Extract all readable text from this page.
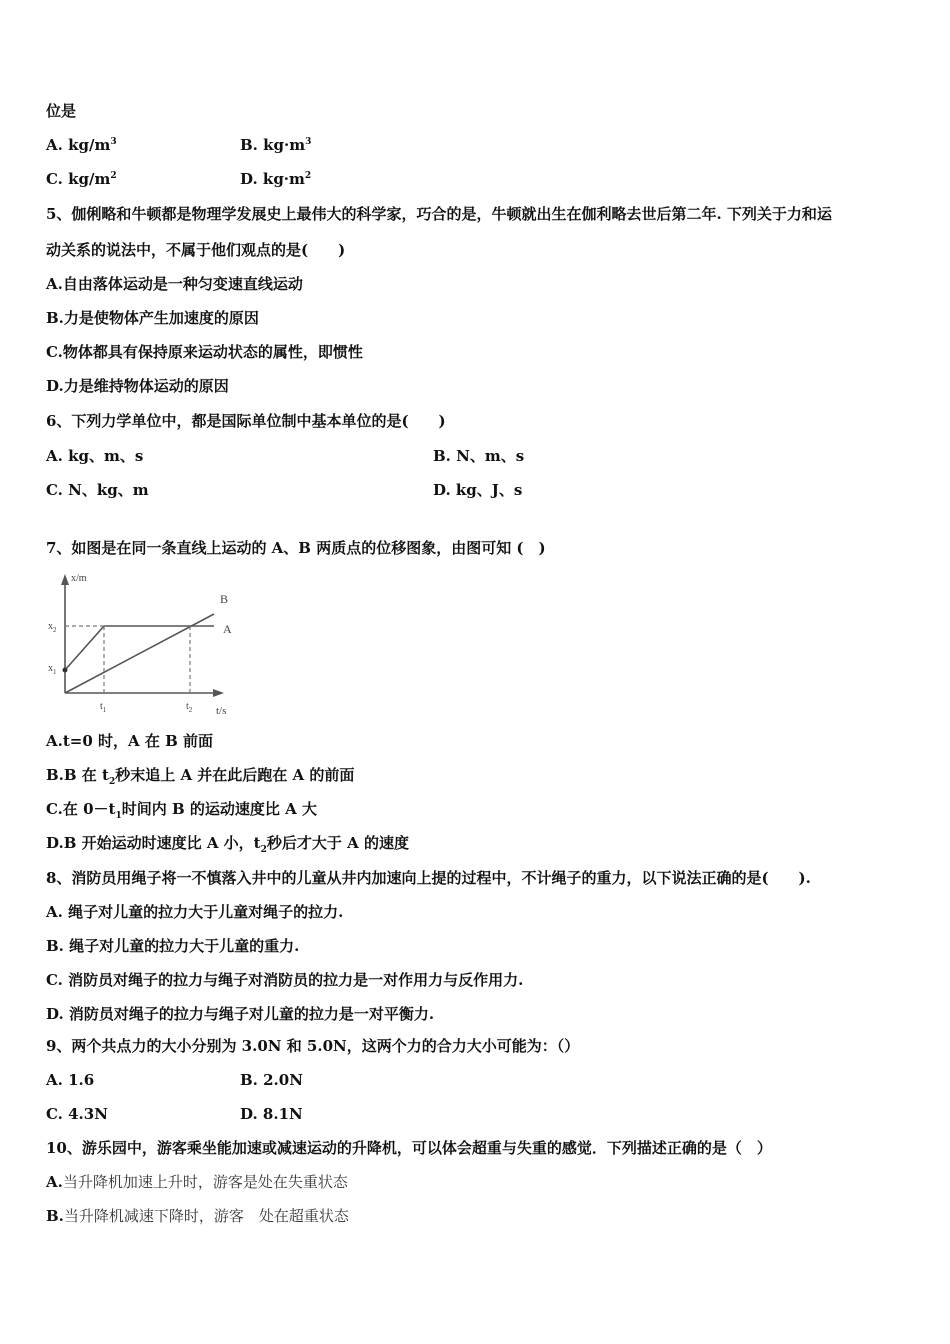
位是
A. $kg/m^3$	B. $kg\cdot m^3$
C. $kg/m^2$	D. $kg\cdot m^2$
5、伽俐略和牛顿都是物理学发展史上最伟大的科学家，巧合的是，牛顿就出生在伽利略去世后第二年. 下列关于力和运
动关系的说法中，不属于他们观点的是(　　)
A.自由落体运动是一种匀变速直线运动
B.力是使物体产生加速度的原因
C.物体都具有保持原来运动状态的属性，即惯性
D.力是维持物体运动的原因
6、下列力学单位中，都是国际单位制中基本单位的是(　　)
A. kg、m、s	B. N、m、s
C. N、kg、m	D. kg、J、s
7、如图是在同一条直线上运动的 A、B 两质点的位移图象，由图可知 (　)
x/m
t/s
$x_2$
$x_1$
$t_1$	$t_2$
A
B
A.t=0 时，A 在 B 前面
B.B 在 $t_2$秒末追上 A 并在此后跑在 A 的前面
C.在 $0-t_1$时间内 B 的运动速度比 A 大
D.B 开始运动时速度比 A 小，$t_2$秒后才大于 A 的速度
8、消防员用绳子将一不慎落入井中的儿童从井内加速向上提的过程中，不计绳子的重力，以下说法正确的是(　　).
A. 绳子对儿童的拉力大于儿童对绳子的拉力.
B. 绳子对儿童的拉力大于儿童的重力.
C. 消防员对绳子的拉力与绳子对消防员的拉力是一对作用力与反作用力.
D. 消防员对绳子的拉力与绳子对儿童的拉力是一对平衡力.
9、两个共点力的大小分别为 3.0N 和 5.0N，这两个力的合力大小可能为：（）
A. 1.6	B. 2.0N
C. 4.3N	D. 8.1N
10、游乐园中，游客乘坐能加速或减速运动的升降机，可以体会超重与失重的感觉．下列描述正确的是（　）
A.当升降机加速上升时，游客是处在失重状态
B.当升降机减速下降时，游客　处在超重状态
